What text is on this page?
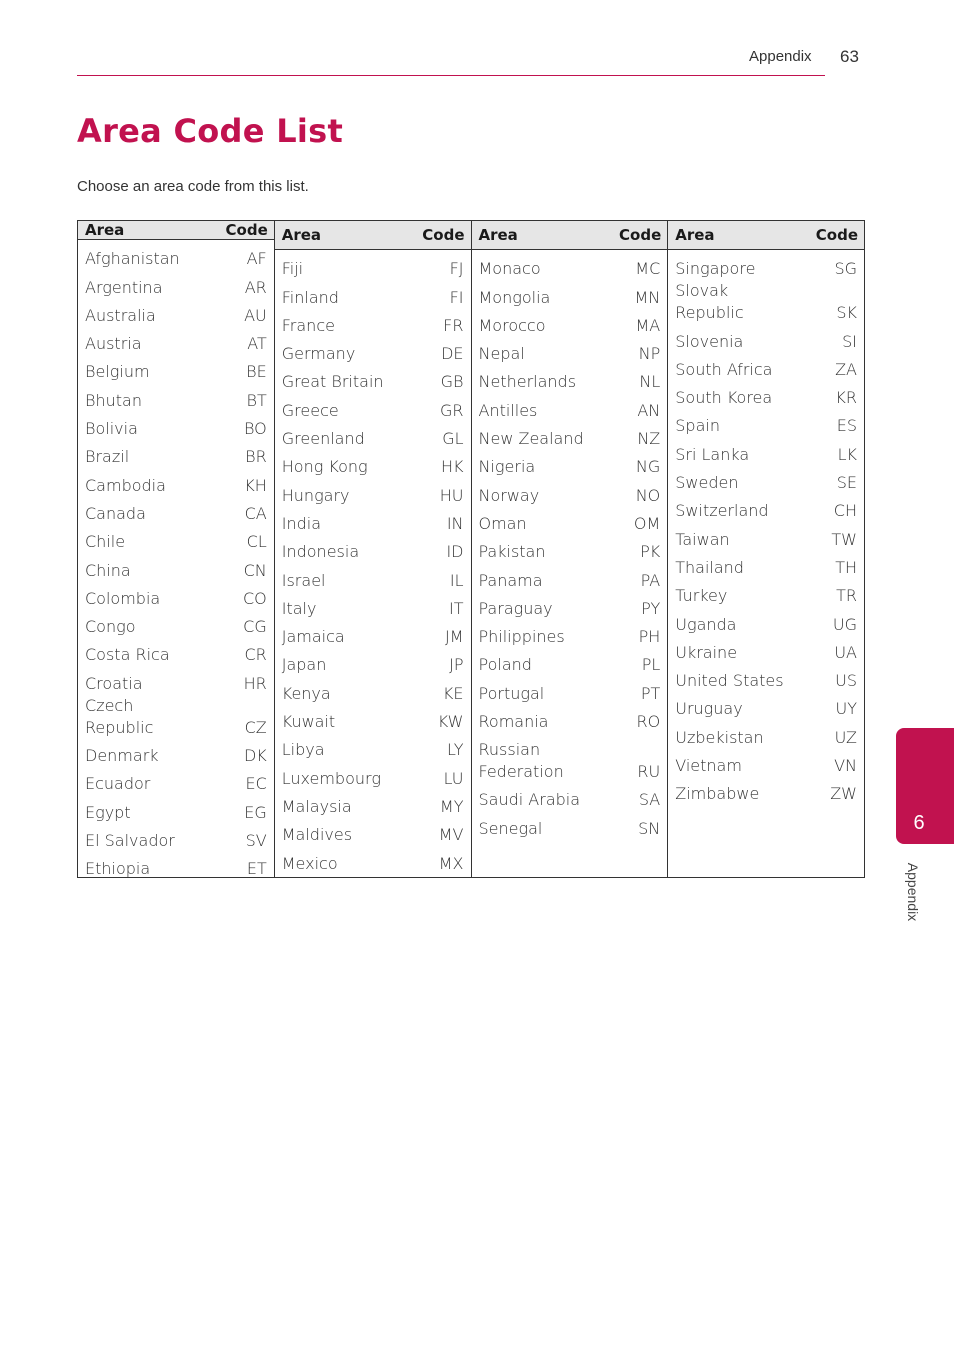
Appendix 63
Area Code List
Choose an area code from this list.
Area	Code
Afghanistan	AF
Argentina	AR
Australia	AU
Austria	AT
Belgium	BE
Bhutan	BT
Bolivia	BO
Brazil	BR
Cambodia	KH
Canada	CA
Chile	CL
China	CN
Colombia	CO
Congo	CG
Costa Rica	CR
Croatia	HR
Czech Republic	CZ
Denmark	DK
Ecuador	EC
Egypt	EG
El Salvador	SV
Ethiopia	ET
Area	Code
Fiji	FJ
Finland	FI
France	FR
Germany	DE
Great Britain	GB
Greece	GR
Greenland	GL
Hong Kong	HK
Hungary	HU
India	IN
Indonesia	ID
Israel	IL
Italy	IT
Jamaica	JM
Japan	JP
Kenya	KE
Kuwait	KW
Libya	LY
Luxembourg	LU
Malaysia	MY
Maldives	MV
Mexico	MX
Area	Code
Monaco	MC
Mongolia	MN
Morocco	MA
Nepal	NP
Netherlands	NL
Antilles	AN
New Zealand	NZ
Nigeria	NG
Norway	NO
Oman	OM
Pakistan	PK
Panama	PA
Paraguay	PY
Philippines	PH
Poland	PL
Portugal	PT
Romania	RO
Russian Federation	RU
Saudi Arabia	SA
Senegal	SN
Area	Code
Singapore	SG
Slovak Republic	SK
Slovenia	SI
South Africa	ZA
South Korea	KR
Spain	ES
Sri Lanka	LK
Sweden	SE
Switzerland	CH
Taiwan	TW
Thailand	TH
Turkey	TR
Uganda	UG
Ukraine	UA
United States	US
Uruguay	UY
Uzbekistan	UZ
Vietnam	VN
Zimbabwe	ZW
6
Appendix
